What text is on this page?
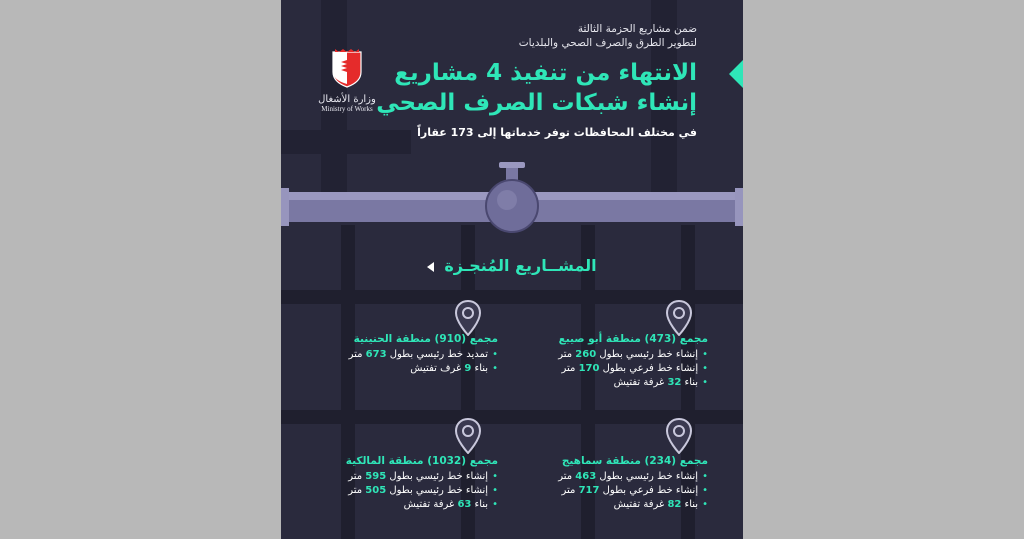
ضمن مشاريع الحزمة الثالثة
لتطوير الطرق والصرف الصحي والبلديات
وزارة الأشغال
Ministry of Works
الانتهاء من تنفيذ 4 مشاريع
إنشاء شبكات الصرف الصحي
في مختلف المحافظات توفر خدماتها إلى 173 عقاراً
المشــاريع المُنجـزة
مجمع (473) منطقة أبو صيبع
•إنشاء خط رئيسي بطول 260 متر
•إنشاء خط فرعي بطول 170 متر
•بناء 32 غرفة تفتيش
مجمع (910) منطقة الحنينية
•تمديد خط رئيسي بطول 673 متر
•بناء 9 غرف تفتيش
مجمع (234) منطقة سماهيج
•إنشاء خط رئيسي بطول 463 متر
•إنشاء خط فرعي بطول 717 متر
•بناء 82 غرفة تفتيش
مجمع (1032) منطقة المالكية
•إنشاء خط رئيسي بطول 595 متر
•إنشاء خط رئيسي بطول 505 متر
•بناء 63 غرفة تفتيش
